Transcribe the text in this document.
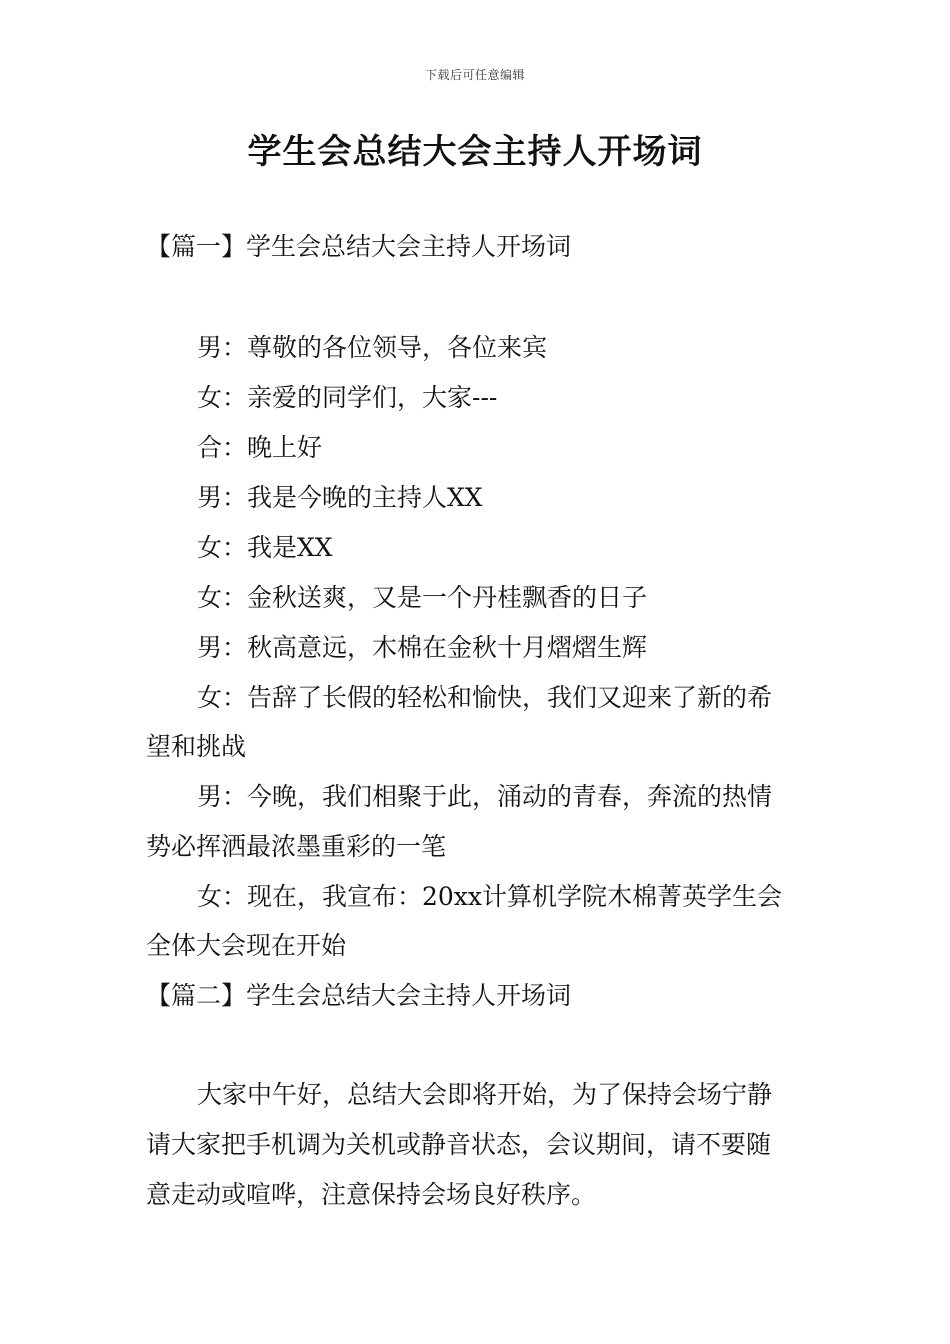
下载后可任意编辑
学生会总结大会主持人开场词
【篇一】学生会总结大会主持人开场词
男：尊敬的各位领导，各位来宾
女：亲爱的同学们，大家---
合：晚上好
男：我是今晚的主持人XX
女：我是XX
女：金秋送爽，又是一个丹桂飘香的日子
男：秋高意远，木棉在金秋十月熠熠生辉
女：告辞了长假的轻松和愉快，我们又迎来了新的希
望和挑战
男：今晚，我们相聚于此，涌动的青春，奔流的热情
势必挥洒最浓墨重彩的一笔
女：现在，我宣布：20xx计算机学院木棉菁英学生会
全体大会现在开始
【篇二】学生会总结大会主持人开场词
大家中午好，总结大会即将开始，为了保持会场宁静
请大家把手机调为关机或静音状态，会议期间，请不要随
意走动或喧哗，注意保持会场良好秩序。
